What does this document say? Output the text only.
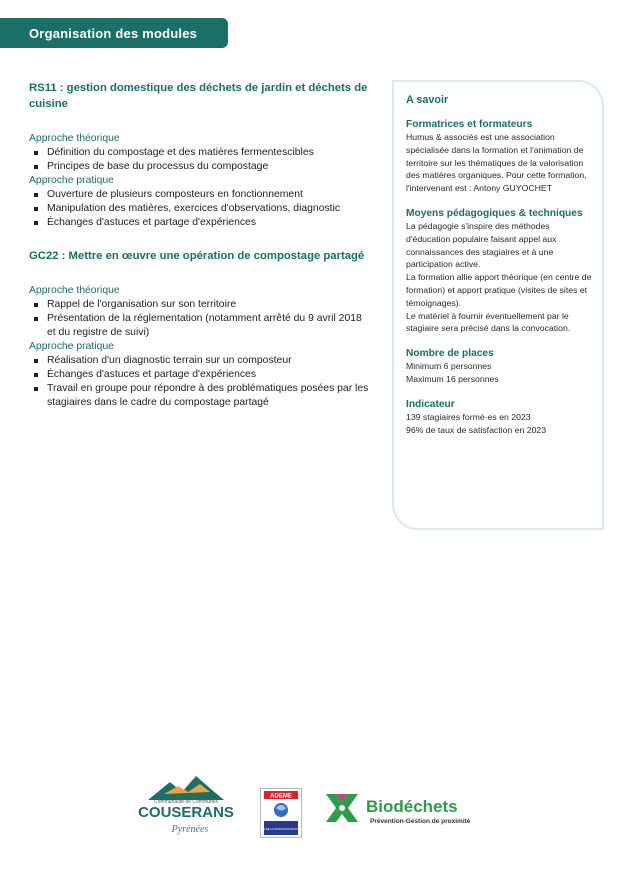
Organisation des modules

RS11 : gestion domestique des déchets de jardin et déchets de cuisine

Approche théorique

Définition du compostage et des matières fermentescibles
Principes de base du processus du compostage

Approche pratique

Ouverture de plusieurs composteurs en fonctionnement
Manipulation des matières, exercices d'observations, diagnostic
Échanges d'astuces et partage d'expériences

GC22 : Mettre en œuvre une opération de compostage partagé

Approche théorique

Rappel de l'organisation sur son territoire
Présentation de la réglementation (notamment arrêté du 9 avril 2018 et du registre de suivi)

Approche pratique

Réalisation d'un diagnostic terrain sur un composteur
Échanges d'astuces et partage d'expériences
Travail en groupe pour répondre à des problématiques posées par les stagiaires dans le cadre du compostage partagé

A savoir

Formatrices et formateurs

Humus & associés est une association spécialisée dans la formation et l'animation de territoire sur les thématiques de la valorisation des matières organiques. Pour cette formation, l'intervenant est : Antony GUYOCHET

Moyens pédagogiques & techniques

La pédagogie s'inspire des méthodes d'éducation populaire faisant appel aux connaissances des stagiaires et à une participation active.

La formation allie apport théorique (en centre de formation) et apport pratique (visites de sites et témoignages).

Le matériel à fournir éventuellement par le stagiaire sera précisé dans la convocation.

Nombre de places

Minimum 6 personnes

Maximum 16 personnes

Indicateur

139 stagiaires formé·es en 2023

96% de taux de satisfaction en 2023

Communauté de Communes
COUSERANS
Pyrénées
ADEME
AGENCE DE LA TRANSITION ÉCOLOGIQUE
Biodéchets
Prévention-Gestion de proximité
